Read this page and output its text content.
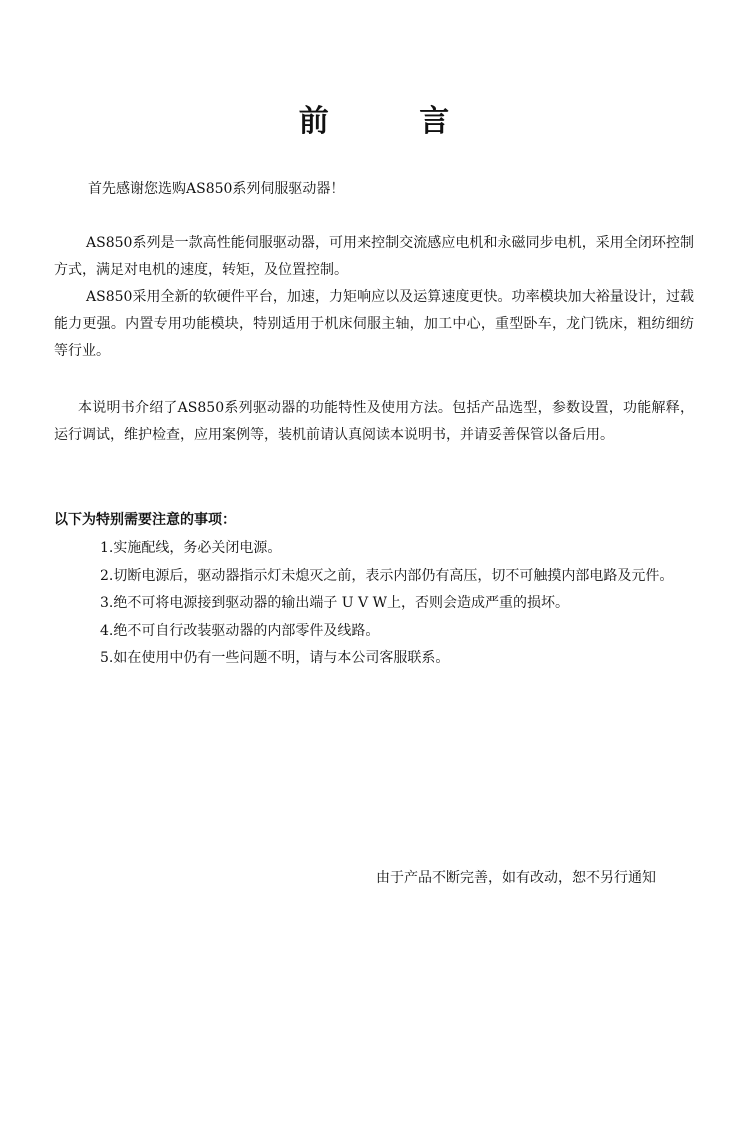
前 言

首先感谢您选购AS850系列伺服驱动器！

AS850系列是一款高性能伺服驱动器，可用来控制交流感应电机和永磁同步电机，采用全闭环控制方式，满足对电机的速度，转矩，及位置控制。

AS850采用全新的软硬件平台，加速，力矩响应以及运算速度更快。功率模块加大裕量设计，过载能力更强。内置专用功能模块，特别适用于机床伺服主轴，加工中心，重型卧车，龙门铣床，粗纺细纺等行业。

本说明书介绍了AS850系列驱动器的功能特性及使用方法。包括产品选型，参数设置，功能解释，运行调试，维护检查，应用案例等，装机前请认真阅读本说明书，并请妥善保管以备后用。

以下为特别需要注意的事项：
1.实施配线，务必关闭电源。
2.切断电源后，驱动器指示灯未熄灭之前，表示内部仍有高压，切不可触摸内部电路及元件。
3.绝不可将电源接到驱动器的输出端子 U V W上，否则会造成严重的损坏。
4.绝不可自行改装驱动器的内部零件及线路。
5.如在使用中仍有一些问题不明，请与本公司客服联系。
由于产品不断完善，如有改动，恕不另行通知
